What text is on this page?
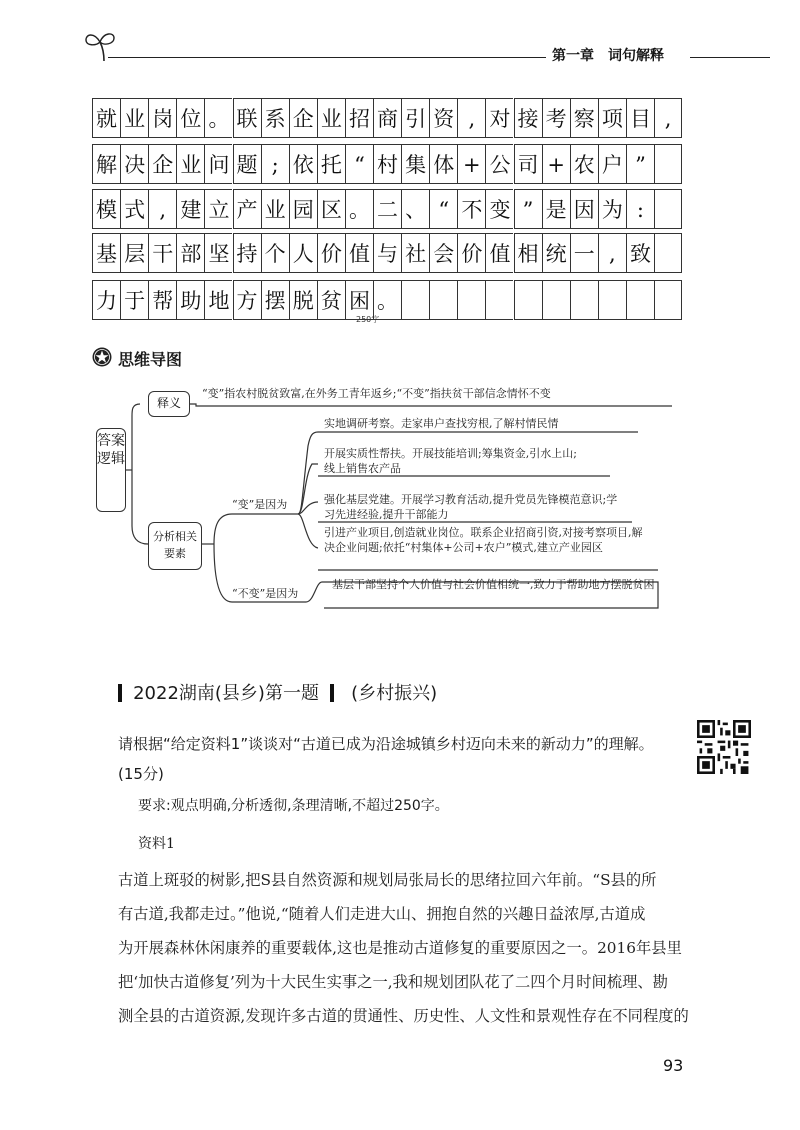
第一章　词句解释
就 业 岗 位 。 联 系 企 业 招 商 引 资 , 对 接 考 察 项 目 ,
解 决 企 业 问 题 ; 依 托 “ 村 集 体 + 公 司 + 农 户 ”
模 式 , 建 立 产 业 园 区 。 二 、 “ 不 变 ” 是 因 为 :
基 层 干 部 坚 持 个 人 价 值 与 社 会 价 值 相 统 一 , 致
力 于 帮 助 地 方 摆 脱 贫 困 。
250字
思维导图
答案逻辑
释义
“变”指农村脱贫致富,在外务工青年返乡;“不变”指扶贫干部信念情怀不变
分析相关要素
“变”是因为
“不变”是因为
实地调研考察。走家串户查找穷根,了解村情民情
开展实质性帮扶。开展技能培训;筹集资金,引水上山;线上销售农产品
强化基层党建。开展学习教育活动,提升党员先锋模范意识;学习先进经验,提升干部能力
引进产业项目,创造就业岗位。联系企业招商引资,对接考察项目,解决企业问题;依托“村集体+公司+农户”模式,建立产业园区
基层干部坚持个人价值与社会价值相统一,致力于帮助地方摆脱贫困
2022湖南(县乡)第一题 (乡村振兴)
请根据“给定资料1”谈谈对“古道已成为沿途城镇乡村迈向未来的新动力”的理解。
(15分)
要求:观点明确,分析透彻,条理清晰,不超过250字。
资料1
古道上斑驳的树影,把S县自然资源和规划局张局长的思绪拉回六年前。“S县的所
有古道,我都走过。”他说,“随着人们走进大山、拥抱自然的兴趣日益浓厚,古道成
为开展森林休闲康养的重要载体,这也是推动古道修复的重要原因之一。2016年县里
把‘加快古道修复’列为十大民生实事之一,我和规划团队花了二四个月时间梳理、勘
测全县的古道资源,发现许多古道的贯通性、历史性、人文性和景观性存在不同程度的
93
